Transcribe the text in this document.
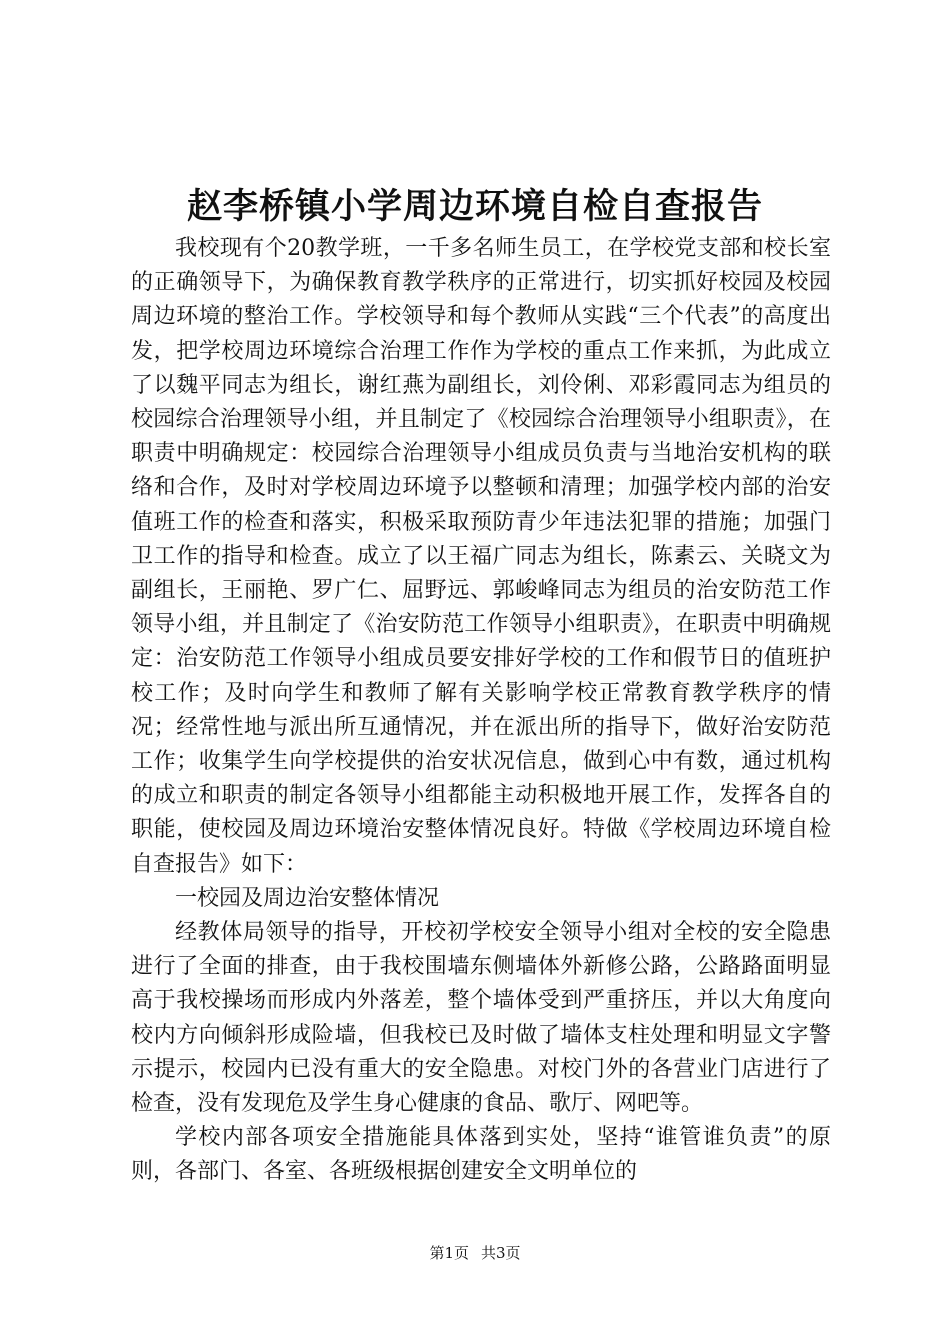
赵李桥镇小学周边环境自检自查报告

我校现有个20教学班，一千多名师生员工，在学校党支部和校长室的正确领导下，为确保教育教学秩序的正常进行，切实抓好校园及校园周边环境的整治工作。学校领导和每个教师从实践“三个代表”的高度出发，把学校周边环境综合治理工作作为学校的重点工作来抓，为此成立了以魏平同志为组长，谢红燕为副组长，刘伶俐、邓彩霞同志为组员的校园综合治理领导小组，并且制定了《校园综合治理领导小组职责》，在职责中明确规定：校园综合治理领导小组成员负责与当地治安机构的联络和合作，及时对学校周边环境予以整顿和清理；加强学校内部的治安值班工作的检查和落实，积极采取预防青少年违法犯罪的措施；加强门卫工作的指导和检查。成立了以王福广同志为组长，陈素云、关晓文为副组长，王丽艳、罗广仁、屈野远、郭峻峰同志为组员的治安防范工作领导小组，并且制定了《治安防范工作领导小组职责》，在职责中明确规定：治安防范工作领导小组成员要安排好学校的工作和假节日的值班护校工作；及时向学生和教师了解有关影响学校正常教育教学秩序的情况；经常性地与派出所互通情况，并在派出所的指导下，做好治安防范工作；收集学生向学校提供的治安状况信息，做到心中有数，通过机构的成立和职责的制定各领导小组都能主动积极地开展工作，发挥各自的职能，使校园及周边环境治安整体情况良好。特做《学校周边环境自检自查报告》如下：

一校园及周边治安整体情况

经教体局领导的指导，开校初学校安全领导小组对全校的安全隐患进行了全面的排查，由于我校围墙东侧墙体外新修公路，公路路面明显高于我校操场而形成内外落差，整个墙体受到严重挤压，并以大角度向校内方向倾斜形成险墙，但我校已及时做了墙体支柱处理和明显文字警示提示，校园内已没有重大的安全隐患。对校门外的各营业门店进行了检查，没有发现危及学生身心健康的食品、歌厅、网吧等。

学校内部各项安全措施能具体落到实处，坚持“谁管谁负责”的原则，各部门、各室、各班级根据创建安全文明单位的

第1页 共3页
